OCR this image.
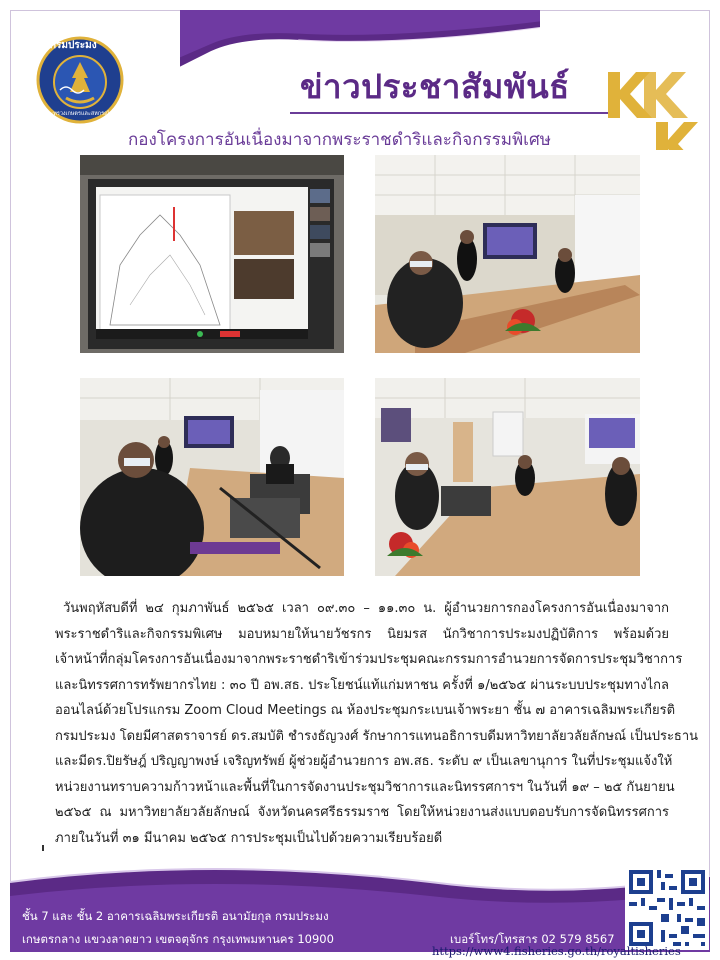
กรมประมง
กระทรวงเกษตรและสหกรณ์
ข่าวประชาสัมพันธ์
กองโครงการอันเนื่องมาจากพระราชดำริและกิจกรรมพิเศษ
วันพฤหัสบดีที่ ๒๔ กุมภาพันธ์ ๒๕๖๕ เวลา ๐๙.๓๐ – ๑๑.๓๐ น. ผู้อำนวยการกองโครงการอันเนื่องมาจาก
พระราชดำริและกิจกรรมพิเศษ มอบหมายให้นายวัชรกร นิยมรส นักวิชาการประมงปฏิบัติการ พร้อมด้วย
เจ้าหน้าที่กลุ่มโครงการอันเนื่องมาจากพระราชดำริเข้าร่วมประชุมคณะกรรมการอำนวยการจัดการประชุมวิชาการ
และนิทรรศการทรัพยากรไทย : ๓๐ ปี อพ.สธ. ประโยชน์แท้แก่มหาชน ครั้งที่ ๑/๒๕๖๕ ผ่านระบบประชุมทางไกล
ออนไลน์ด้วยโปรแกรม Zoom Cloud Meetings ณ ห้องประชุมกระเบนเจ้าพระยา ชั้น ๗ อาคารเฉลิมพระเกียรติ
กรมประมง โดยมีศาสตราจารย์ ดร.สมบัติ ชำรงธัญวงศ์ รักษาการแทนอธิการบดีมหาวิทยาลัยวลัยลักษณ์ เป็นประธาน
และมีดร.ปิยรัษฎ์ ปริญญาพงษ์ เจริญทรัพย์ ผู้ช่วยผู้อำนวยการ อพ.สธ. ระดับ ๙ เป็นเลขานุการ ในที่ประชุมแจ้งให้
หน่วยงานทราบความก้าวหน้าและพื้นที่ในการจัดงานประชุมวิชาการและนิทรรศการฯ ในวันที่ ๑๙ – ๒๕ กันยายน
๒๕๖๕ ณ มหาวิทยาลัยวลัยลักษณ์ จังหวัดนครศรีธรรมราช โดยให้หน่วยงานส่งแบบตอบรับการจัดนิทรรศการ
ภายในวันที่ ๓๑ มีนาคม ๒๕๖๕ การประชุมเป็นไปด้วยความเรียบร้อยดี
ชั้น 7 และ ชั้น 2 อาคารเฉลิมพระเกียรติ อนามัยกุล กรมประมง
เกษตรกลาง แขวงลาดยาว เขตจตุจักร กรุงเทพมหานคร 10900	เบอร์โทร/โทรสาร 02 579 8567
https://www4.fisheries.go.th/royaltisheries
